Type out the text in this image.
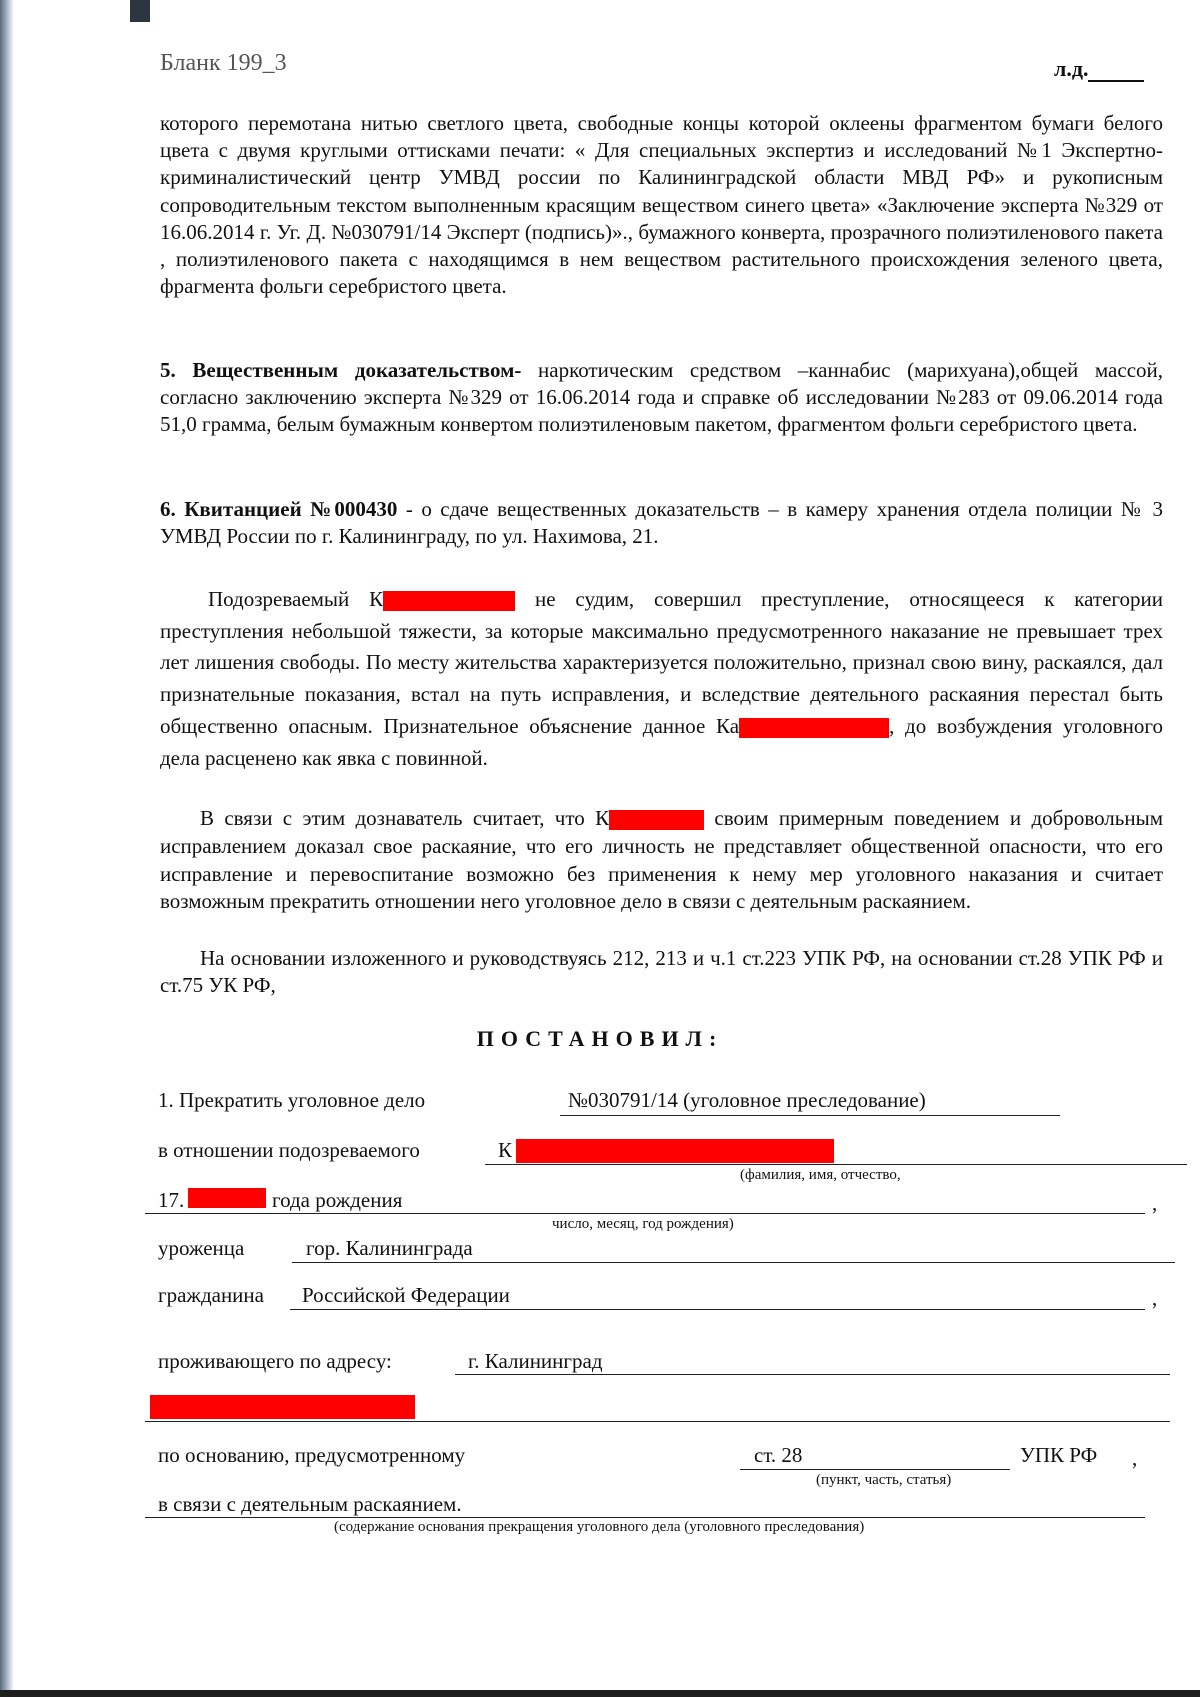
Бланк 199_3	л.д.
которого перемотана нитью светлого цвета, свободные концы которой оклеены фрагментом бумаги белого цвета с двумя круглыми оттисками печати: « Для специальных экспертиз и исследований №1 Экспертно-криминалистический центр УМВД россии по Калининградской области МВД РФ» и рукописным сопроводительным текстом выполненным красящим веществом синего цвета» «Заключение эксперта №329 от 16.06.2014 г. Уг. Д. №030791/14 Эксперт (подпись)»., бумажного конверта, прозрачного полиэтиленового пакета , полиэтиленового пакета с находящимся в нем веществом растительного происхождения зеленого цвета, фрагмента фольги серебристого цвета.
5. Вещественным доказательством- наркотическим средством –каннабис (марихуана),общей массой, согласно заключению эксперта №329 от 16.06.2014 года и справке об исследовании №283 от 09.06.2014 года 51,0 грамма, белым бумажным конвертом полиэтиленовым пакетом, фрагментом фольги серебристого цвета.
6. Квитанцией №000430 - о сдаче вещественных доказательств – в камеру хранения отдела полиции № 3 УМВД России по г. Калининграду, по ул. Нахимова, 21.
Подозреваемый К	не судим, совершил преступление, относящееся к категории преступления небольшой тяжести, за которые максимально предусмотренного наказание не превышает трех лет лишения свободы. По месту жительства характеризуется положительно, признал свою вину, раскаялся, дал признательные показания, встал на путь исправления, и вследствие деятельного раскаяния перестал быть общественно опасным. Признательное объяснение данное Ка	, до возбуждения уголовного дела расценено как явка с повинной.
В связи с этим дознаватель считает, что К	своим примерным поведением и добровольным исправлением доказал свое раскаяние, что его личность не представляет общественной опасности, что его исправление и перевоспитание возможно без применения к нему мер уголовного наказания и считает возможным прекратить отношении него уголовное дело в связи с деятельным раскаянием.
На основании изложенного и руководствуясь 212, 213 и ч.1 ст.223 УПК РФ, на основании ст.28 УПК РФ и ст.75 УК РФ,
ПОСТАНОВИЛ:
1. Прекратить уголовное дело	№030791/14 (уголовное преследование)
в отношении подозреваемого	К
(фамилия, имя, отчество,
17.	года рождения	,
число, месяц, год рождения)
уроженца	гор. Калининграда
гражданина Российской Федерации	,
проживающего по адресу:	г. Калининград
по основанию, предусмотренному	ст. 28	УПК РФ ,
(пункт, часть, статья)
в связи с деятельным раскаянием.
(содержание основания прекращения уголовного дела (уголовного преследования)
